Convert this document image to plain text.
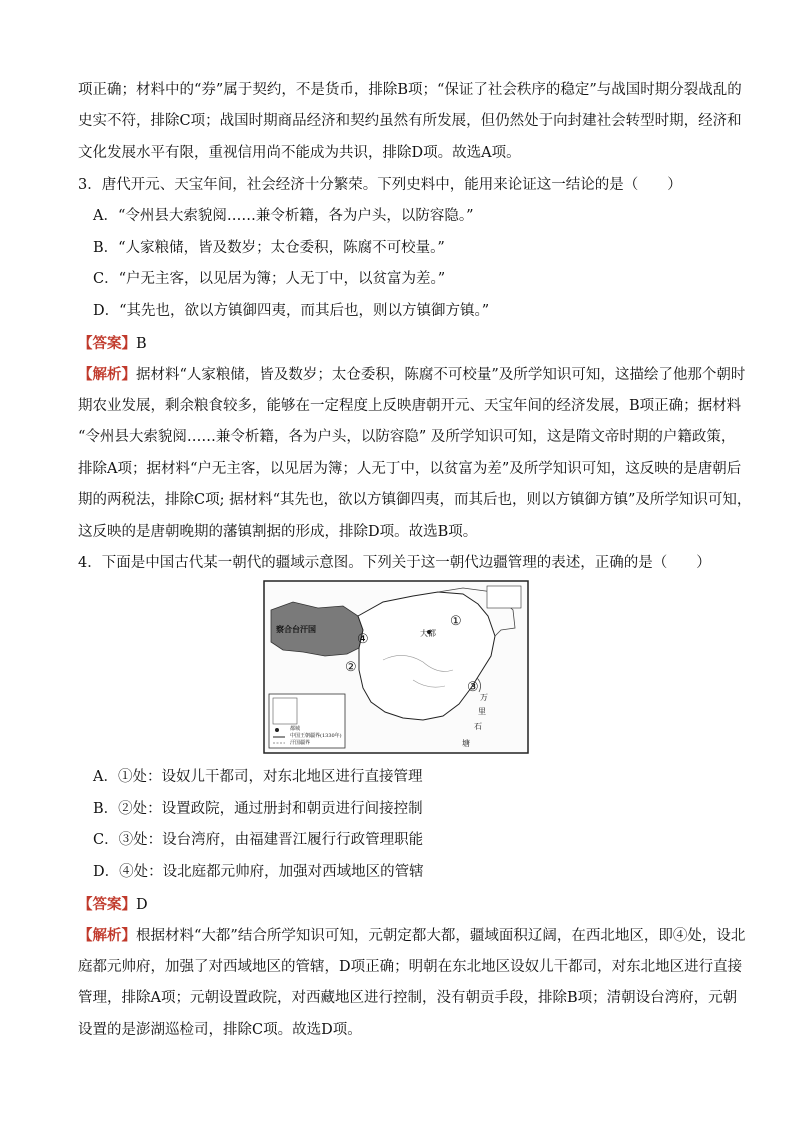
项正确；材料中的“券”属于契约，不是货币，排除B项；“保证了社会秩序的稳定”与战国时期分裂战乱的
史实不符，排除C项；战国时期商品经济和契约虽然有所发展，但仍然处于向封建社会转型时期，经济和
文化发展水平有限，重视信用尚不能成为共识，排除D项。故选A项。
3．唐代开元、天宝年间，社会经济十分繁荣。下列史料中，能用来论证这一结论的是（　　）
A．“令州县大索貌阅……兼令析籍，各为户头，以防容隐。”
B．“人家粮储，皆及数岁；太仓委积，陈腐不可校量。”
C．“户无主客，以见居为簿；人无丁中，以贫富为差。”
D．“其先也，欲以方镇御四夷，而其后也，则以方镇御方镇。”
【答案】B
【解析】据材料“人家粮储，皆及数岁；太仓委积，陈腐不可校量”及所学知识可知，这描绘了他那个朝时
期农业发展，剩余粮食较多，能够在一定程度上反映唐朝开元、天宝年间的经济发展，B项正确；据材料
“令州县大索貌阅……兼令析籍，各为户头，以防容隐” 及所学知识可知，这是隋文帝时期的户籍政策，
排除A项；据材料“户无主客，以见居为簿；人无丁中，以贫富为差”及所学知识可知，这反映的是唐朝后
期的两税法，排除C项; 据材料“其先也，欲以方镇御四夷，而其后也，则以方镇御方镇”及所学知识可知，
这反映的是唐朝晚期的藩镇割据的形成，排除D项。故选B项。
4．下面是中国古代某一朝代的疆域示意图。下列关于这一朝代边疆管理的表述，正确的是（　　）
察合台汗国	大都
①
②
③
④
万
里
石
塘
都城
中国王朝疆界(1330年)
汗国疆界
A．①处：设奴儿干都司，对东北地区进行直接管理
B．②处：设置政院，通过册封和朝贡进行间接控制
C．③处：设台湾府，由福建晋江履行行政管理职能
D．④处：设北庭都元帅府，加强对西域地区的管辖
【答案】D
【解析】根据材料“大都”结合所学知识可知，元朝定都大都，疆域面积辽阔，在西北地区，即④处，设北
庭都元帅府，加强了对西域地区的管辖，D项正确；明朝在东北地区设奴儿干都司，对东北地区进行直接
管理，排除A项；元朝设置政院，对西藏地区进行控制，没有朝贡手段，排除B项；清朝设台湾府，元朝
设置的是澎湖巡检司，排除C项。故选D项。
